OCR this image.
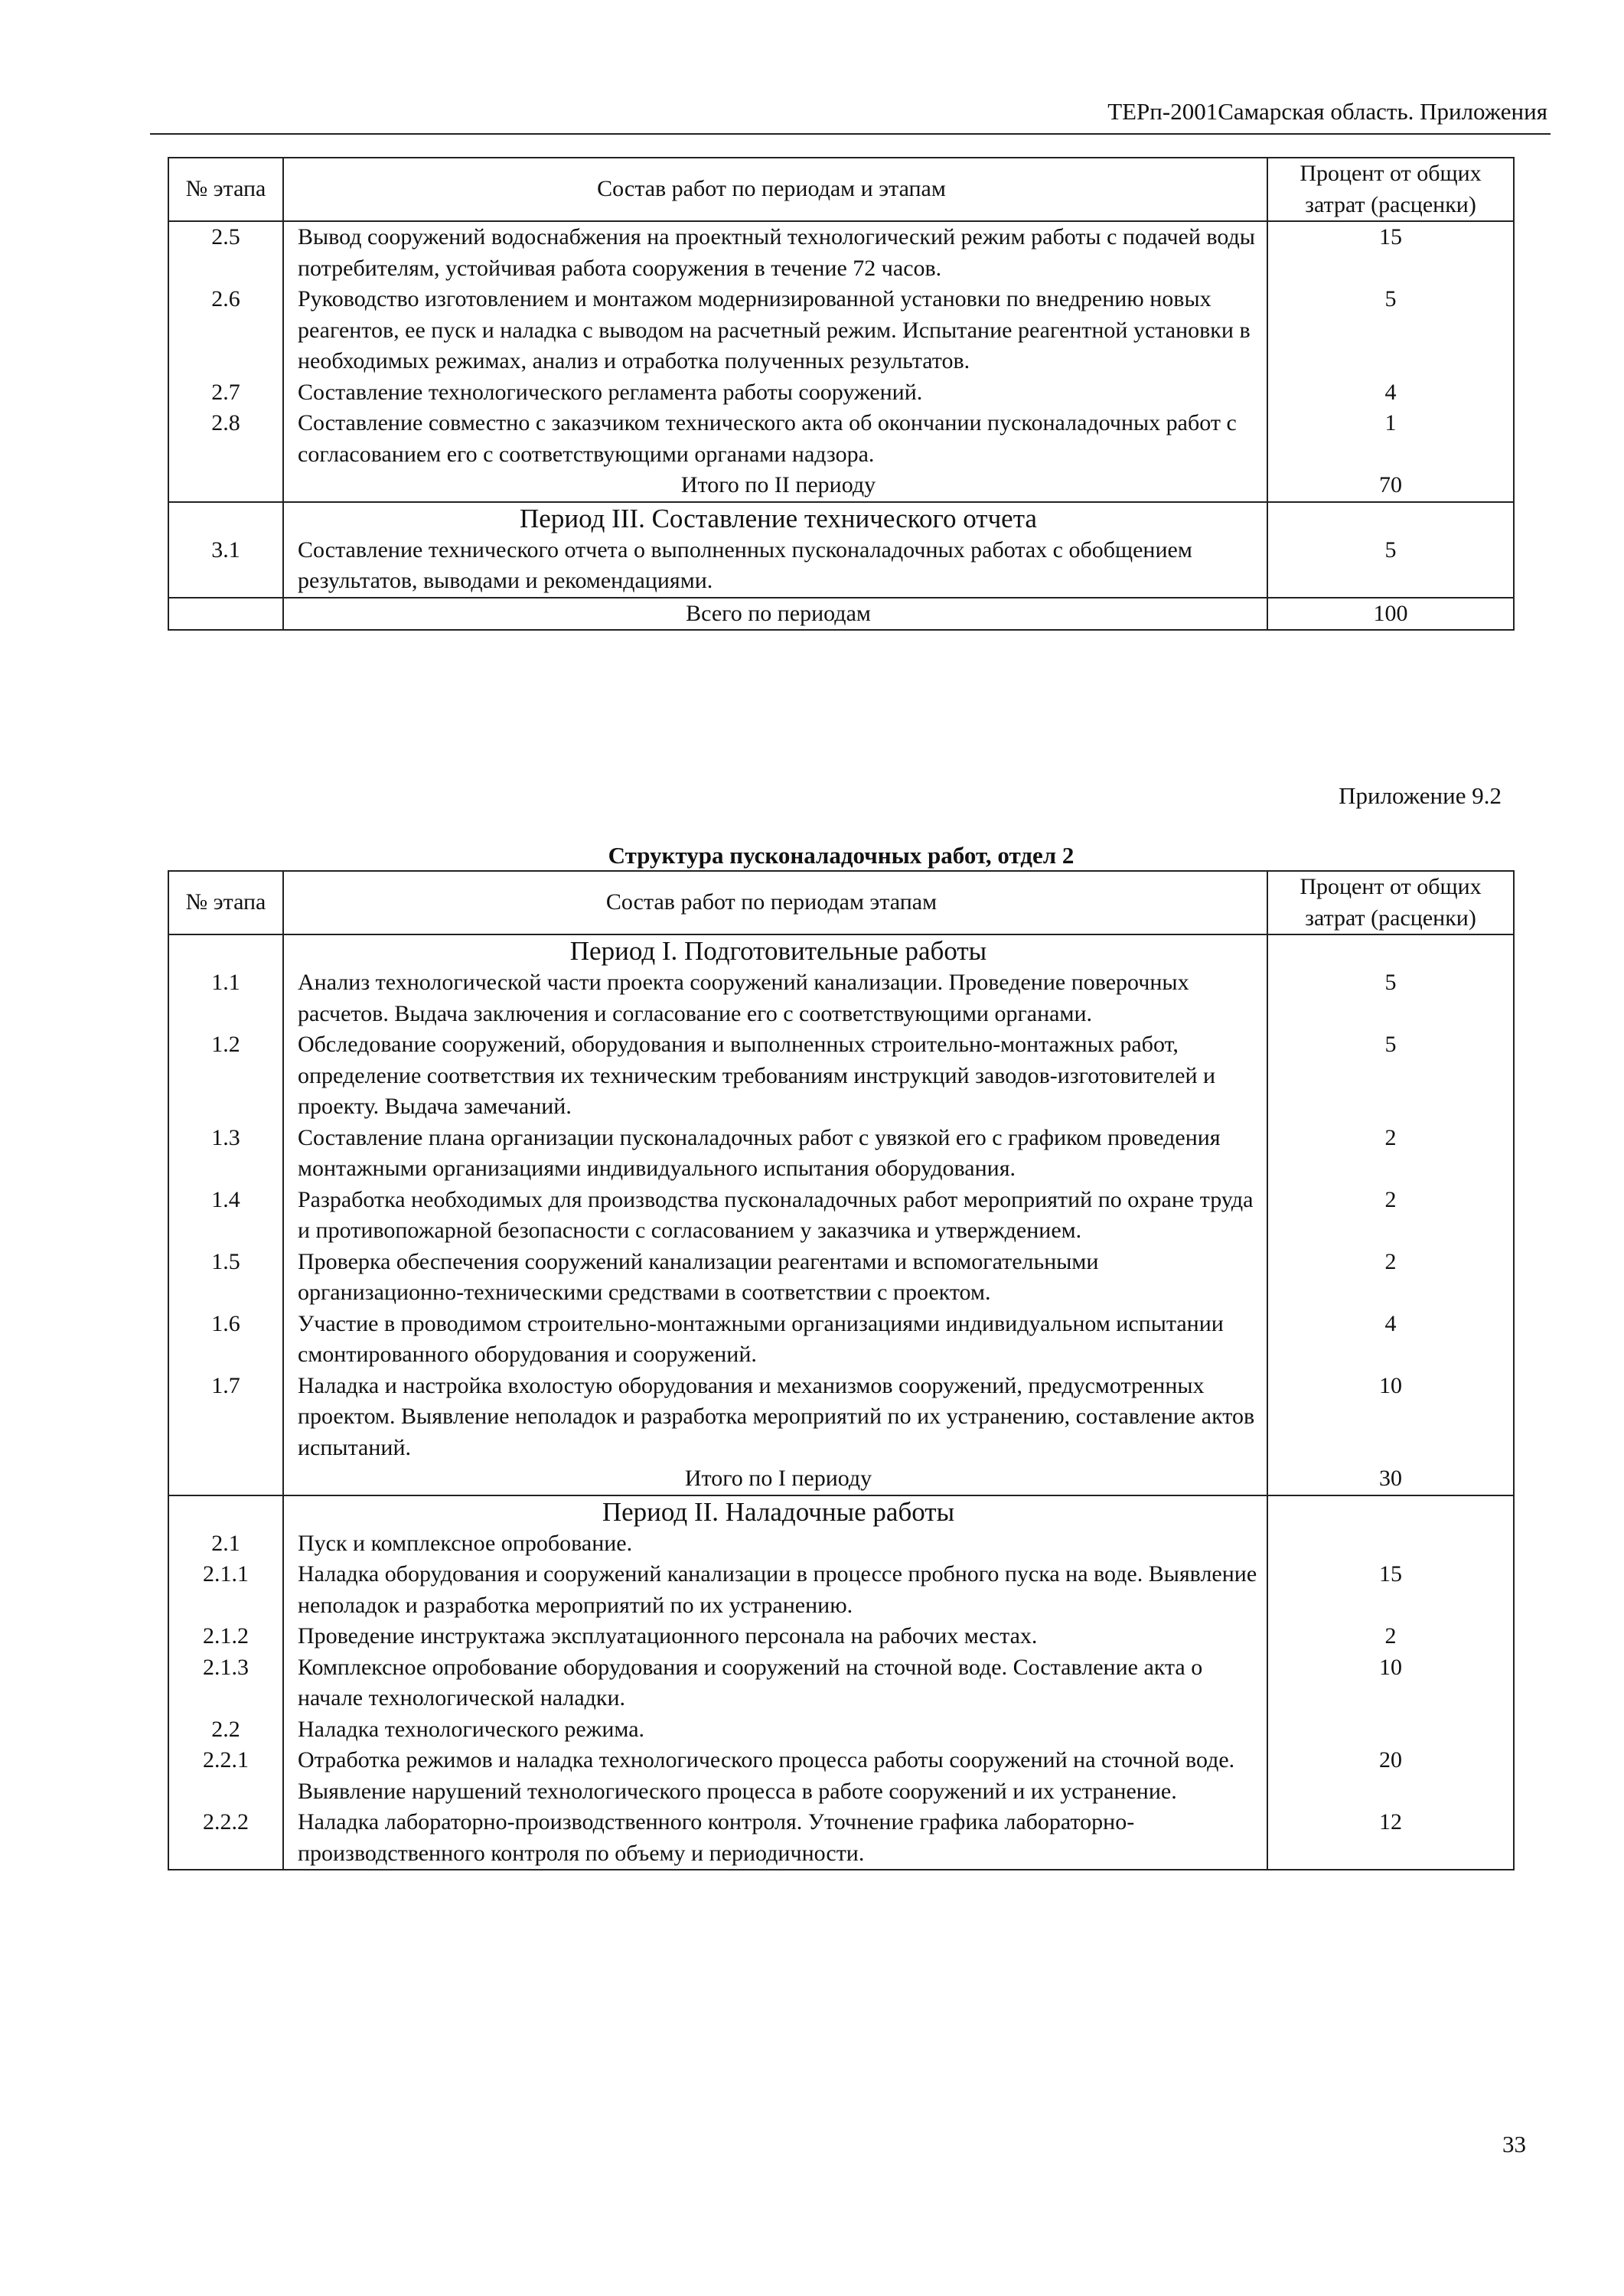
ТЕРп-2001Самарская область. Приложения
№ этапа	Состав работ по периодам и этапам	Процент от общих затрат (расценки)
2.5	Вывод сооружений водоснабжения на проектный технологический режим работы с подачей воды потребителям, устойчивая работа сооружения в течение 72 часов.	15
2.6	Руководство изготовлением и монтажом модернизированной установки по внедрению новых реагентов, ее пуск и наладка с выводом на расчетный режим. Испытание реагентной установки в необходимых режимах, анализ и отработка полученных результатов.	5
2.7	Составление технологического регламента работы сооружений.	4
2.8	Составление совместно с заказчиком технического акта об окончании пусконаладочных работ с согласованием его с соответствующими органами надзора.	1
	Итого по II периоду	70
	Период III. Составление технического отчета	
3.1	Составление технического отчета о выполненных пусконаладочных работах с обобщением результатов, выводами и рекомендациями.	5
	Всего по периодам	100
Приложение 9.2
Структура пусконаладочных работ, отдел 2
№ этапа	Состав работ по периодам этапам	Процент от общих затрат (расценки)
	Период I. Подготовительные работы	
1.1	Анализ технологической части проекта сооружений канализации. Проведение поверочных расчетов. Выдача заключения и согласование его с соответствующими органами.	5
1.2	Обследование сооружений, оборудования и выполненных строительно-монтажных работ, определение соответствия их техническим требованиям инструкций заводов-изготовителей и проекту. Выдача замечаний.	5
1.3	Составление плана организации пусконаладочных работ с увязкой его с графиком проведения монтажными организациями индивидуального испытания оборудования.	2
1.4	Разработка необходимых для производства пусконаладочных работ мероприятий по охране труда и противопожарной безопасности с согласованием у заказчика и утверждением.	2
1.5	Проверка обеспечения сооружений канализации реагентами и вспомогательными организационно-техническими средствами в соответствии с проектом.	2
1.6	Участие в проводимом строительно-монтажными организациями индивидуальном испытании смонтированного оборудования и сооружений.	4
1.7	Наладка и настройка вхолостую оборудования и механизмов сооружений, предусмотренных проектом. Выявление неполадок и разработка мероприятий по их устранению, составление актов испытаний.	10
	Итого по I периоду	30
	Период II. Наладочные работы	
2.1	Пуск и комплексное опробование.	
2.1.1	Наладка оборудования и сооружений канализации в процессе пробного пуска на воде. Выявление неполадок и разработка мероприятий по их устранению.	15
2.1.2	Проведение инструктажа эксплуатационного персонала на рабочих местах.	2
2.1.3	Комплексное опробование оборудования и сооружений на сточной воде. Составление акта о начале технологической наладки.	10
2.2	Наладка технологического режима.	
2.2.1	Отработка режимов и наладка технологического процесса работы сооружений на сточной воде. Выявление нарушений технологического процесса в работе сооружений и их устранение.	20
2.2.2	Наладка лабораторно-производственного контроля. Уточнение графика лабораторно-производственного контроля по объему и периодичности.	12
33
